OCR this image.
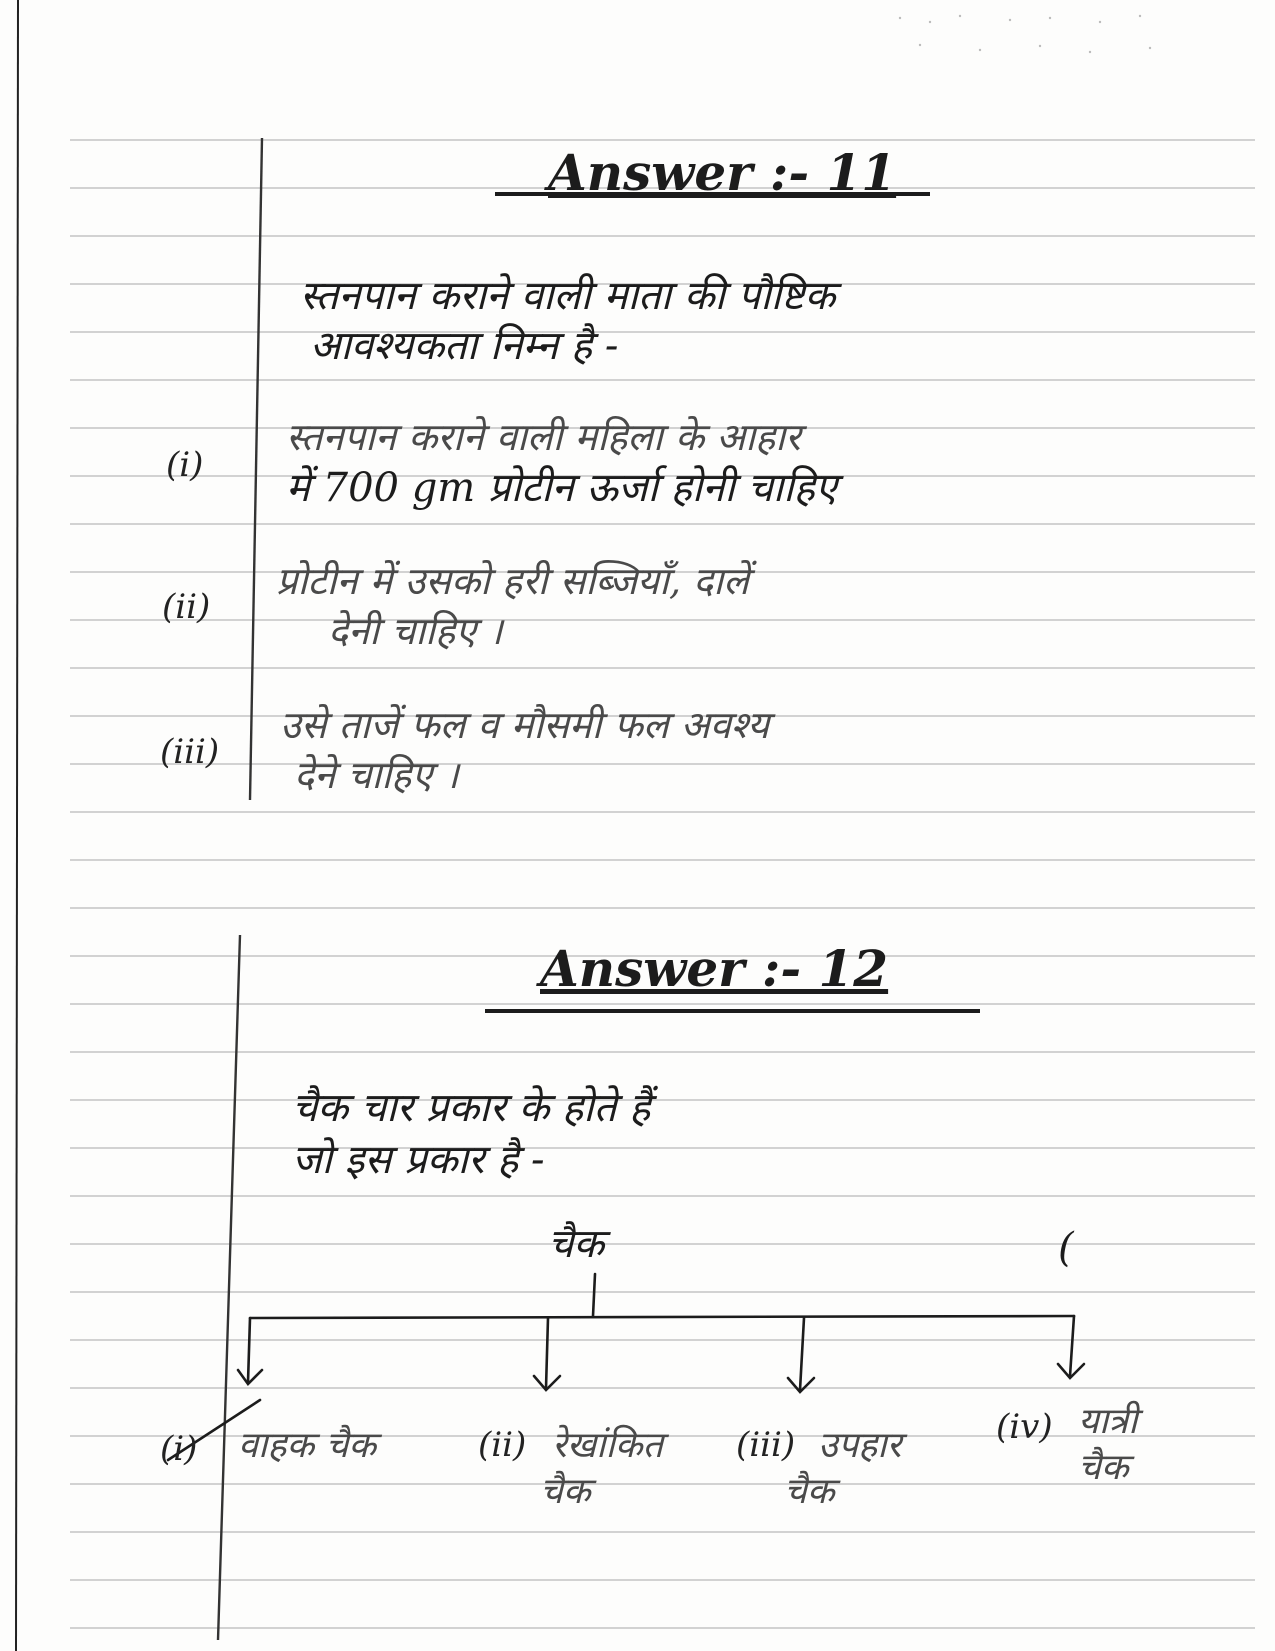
Answer :- 11
स्तनपान कराने वाली माता की पौष्टिक
आवश्यकता निम्न है -
(i)
स्तनपान कराने वाली महिला के आहार
में 700 gm प्रोटीन ऊर्जा होनी चाहिए
(ii)
प्रोटीन में उसको हरी सब्जियाँ, दालें
देनी चाहिए ।
(iii)
उसे ताजें फल व मौसमी फल अवश्य
देने चाहिए ।
Answer :- 12
चैक चार प्रकार के होते हैं
जो इस प्रकार है -
चैक	(
(i) वाहक चैक	(ii) रेखांकित
चैक
(iii) उपहार
चैक
(iv) यात्री
चैक
